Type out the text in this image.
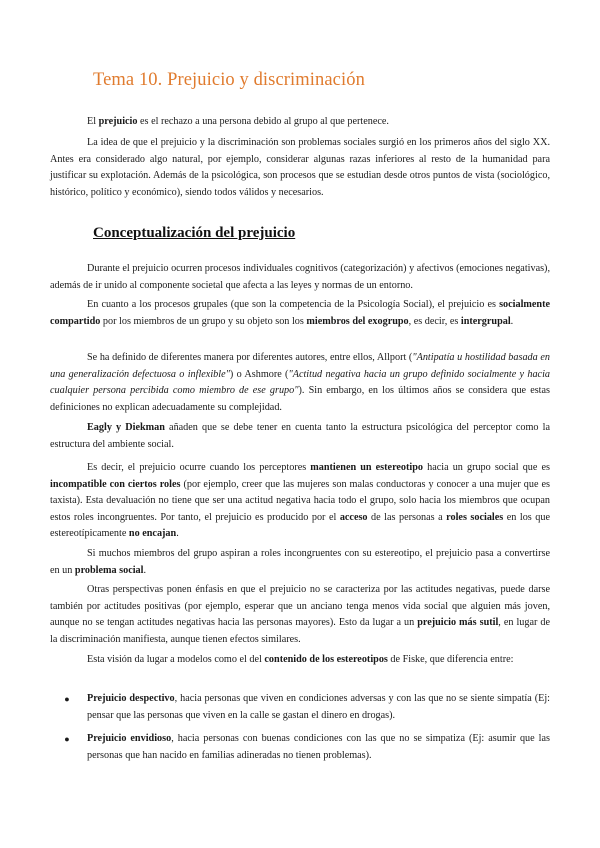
Tema 10. Prejuicio y discriminación

El prejuicio es el rechazo a una persona debido al grupo al que pertenece.

La idea de que el prejuicio y la discriminación son problemas sociales surgió en los primeros años del siglo XX. Antes era considerado algo natural, por ejemplo, considerar algunas razas inferiores al resto de la humanidad para justificar su explotación. Además de la psicológica, son procesos que se estudian desde otros puntos de vista (sociológico, histórico, político y económico), siendo todos válidos y necesarios.

Conceptualización del prejuicio

Durante el prejuicio ocurren procesos individuales cognitivos (categorización) y afectivos (emociones negativas), además de ir unido al componente societal que afecta a las leyes y normas de un entorno.

En cuanto a los procesos grupales (que son la competencia de la Psicología Social), el prejuicio es socialmente compartido por los miembros de un grupo y su objeto son los miembros del exogrupo, es decir, es intergrupal.

Se ha definido de diferentes manera por diferentes autores, entre ellos, Allport ("Antipatía u hostilidad basada en una generalización defectuosa o inflexible") o Ashmore ("Actitud negativa hacia un grupo definido socialmente y hacia cualquier persona percibida como miembro de ese grupo"). Sin embargo, en los últimos años se considera que estas definiciones no explican adecuadamente su complejidad.

Eagly y Diekman añaden que se debe tener en cuenta tanto la estructura psicológica del perceptor como la estructura del ambiente social.

Es decir, el prejuicio ocurre cuando los perceptores mantienen un estereotipo hacia un grupo social que es incompatible con ciertos roles (por ejemplo, creer que las mujeres son malas conductoras y conocer a una mujer que es taxista). Esta devaluación no tiene que ser una actitud negativa hacia todo el grupo, solo hacia los miembros que ocupan estos roles incongruentes. Por tanto, el prejuicio es producido por el acceso de las personas a roles sociales en los que estereotípicamente no encajan.

Si muchos miembros del grupo aspiran a roles incongruentes con su estereotipo, el prejuicio pasa a convertirse en un problema social.

Otras perspectivas ponen énfasis en que el prejuicio no se caracteriza por las actitudes negativas, puede darse también por actitudes positivas (por ejemplo, esperar que un anciano tenga menos vida social que alguien más joven, aunque no se tengan actitudes negativas hacia las personas mayores). Esto da lugar a un prejuicio más sutil, en lugar de la discriminación manifiesta, aunque tienen efectos similares.

Esta visión da lugar a modelos como el del contenido de los estereotipos de Fiske, que diferencia entre:

●	Prejuicio despectivo, hacia personas que viven en condiciones adversas y con las que no se siente simpatía (Ej: pensar que las personas que viven en la calle se gastan el dinero en drogas).
●	Prejuicio envidioso, hacia personas con buenas condiciones con las que no se simpatiza (Ej: asumir que las personas que han nacido en familias adineradas no tienen problemas).
